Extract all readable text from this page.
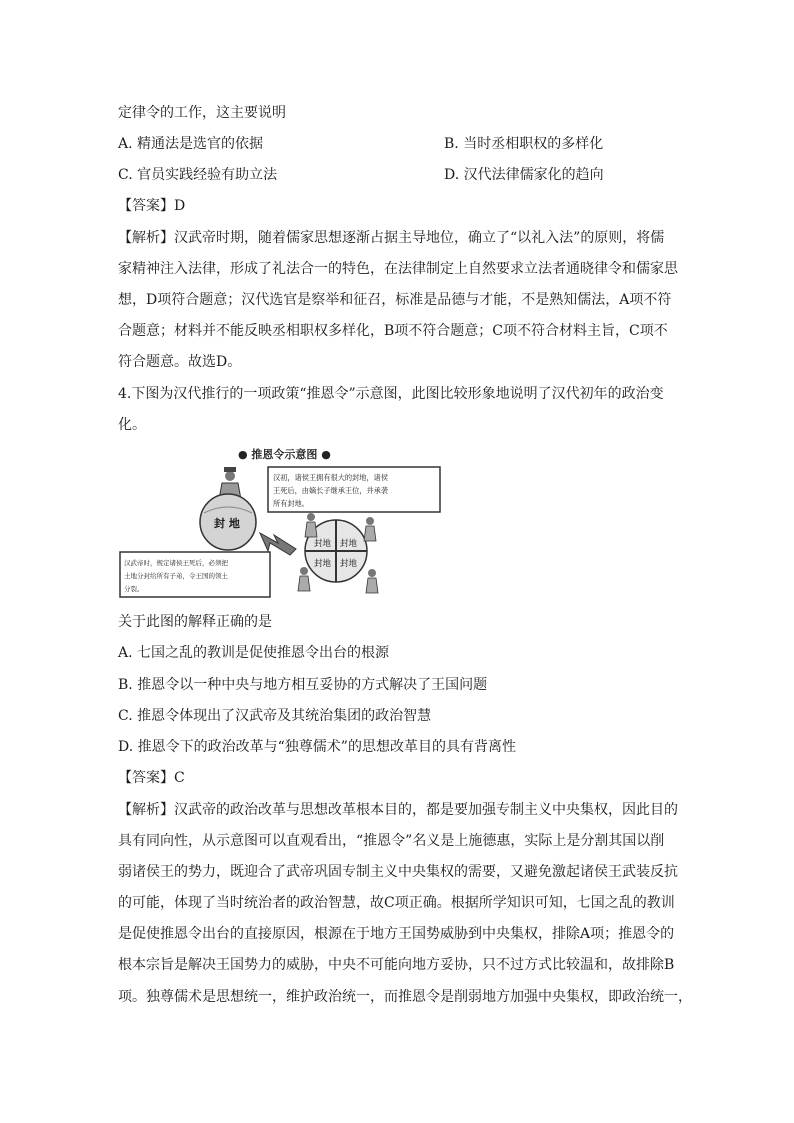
定律令的工作，这主要说明
A. 精通法是选官的依据	B. 当时丞相职权的多样化
C. 官员实践经验有助立法	D. 汉代法律儒家化的趋向
【答案】D
【解析】汉武帝时期，随着儒家思想逐渐占据主导地位，确立了“以礼入法”的原则，将儒
家精神注入法律，形成了礼法合一的特色，在法律制定上自然要求立法者通晓律令和儒家思
想，D项符合题意；汉代选官是察举和征召，标准是品德与才能，不是熟知儒法，A项不符
合题意；材料并不能反映丞相职权多样化，B项不符合题意；C项不符合材料主旨，C项不
符合题意。故选D。
4.下图为汉代推行的一项政策“推恩令”示意图，此图比较形象地说明了汉代初年的政治变
化。
● 推恩令示意图 ●
汉初，诸侯王拥有很大的封地，诸侯
王死后，由嫡长子继承王位，并承袭
所有封地。
封 地
封地 封地
封地 封地
汉武帝时，规定诸侯王死后，必须把
土地分封给所有子弟，令王国的领土
分裂。
关于此图的解释正确的是
A. 七国之乱的教训是促使推恩令出台的根源
B. 推恩令以一种中央与地方相互妥协的方式解决了王国问题
C. 推恩令体现出了汉武帝及其统治集团的政治智慧
D. 推恩令下的政治改革与“独尊儒术”的思想改革目的具有背离性
【答案】C
【解析】汉武帝的政治改革与思想改革根本目的，都是要加强专制主义中央集权，因此目的
具有同向性，从示意图可以直观看出，“推恩令”名义是上施德惠，实际上是分割其国以削
弱诸侯王的势力，既迎合了武帝巩固专制主义中央集权的需要，又避免激起诸侯王武装反抗
的可能，体现了当时统治者的政治智慧，故C项正确。根据所学知识可知，七国之乱的教训
是促使推恩令出台的直接原因，根源在于地方王国势威胁到中央集权，排除A项；推恩令的
根本宗旨是解决王国势力的威胁，中央不可能向地方妥协，只不过方式比较温和，故排除B
项。独尊儒术是思想统一，维护政治统一，而推恩令是削弱地方加强中央集权，即政治统一，
